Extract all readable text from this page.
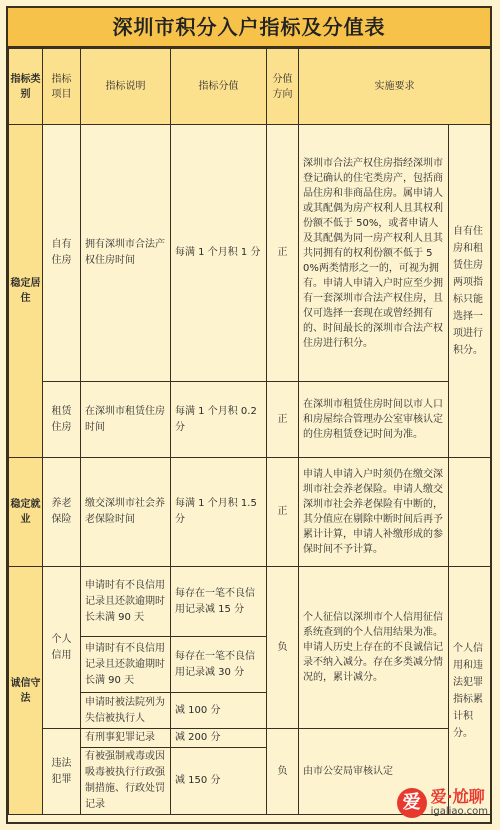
深圳市积分入户指标及分值表
指标类别	指标项目	指标说明	指标分值	分值方向	实施要求	
稳定居住	自有住房	拥有深圳市合法产权住房时间	每满 1 个月积 1 分	正	深圳市合法产权住房指经深圳市登记确认的住宅类房产，包括商品住房和非商品住房。属申请人或其配偶为房产权利人且其权利份额不低于 50%，或者申请人及其配偶为同一房产权利人且其共同拥有的权利份额不低于 50%两类情形之一的，可视为拥有。申请人申请入户时应至少拥有一套深圳市合法产权住房，且仅可选择一套现在或曾经拥有的、时间最长的深圳市合法产权住房进行积分。	自有住房和租赁住房两项指标只能选择一项进行积分。
	租赁住房	在深圳市租赁住房时间	每满 1 个月积 0.2 分	正	在深圳市租赁住房时间以市人口和房屋综合管理办公室审核认定的住房租赁登记时间为准。	
稳定就业	养老保险	缴交深圳市社会养老保险时间	每满 1 个月积 1.5 分	正	申请人申请入户时须仍在缴交深圳市社会养老保险。申请人缴交深圳市社会养老保险有中断的，其分值应在剔除中断时间后再予累计计算，申请人补缴形成的参保时间不予计算。	
诚信守法	个人信用	申请时有不良信用记录且还款逾期时长未满 90 天	每存在一笔不良信用记录减 15 分	负	个人征信以深圳市个人信用征信系统查到的个人信用结果为准。申请人历史上存在的不良诚信记录不纳入减分。存在多类减分情况的，累计减分。	个人信用和违法犯罪指标累计积分。
		申请时有不良信用记录且还款逾期时长满 90 天	每存在一笔不良信用记录减 30 分			
		申请时被法院列为失信被执行人	减 100 分			
	违法犯罪	有刑事犯罪记录	减 200 分	负	由市公安局审核认定	
		有被强制戒毒或因吸毒被执行行政强制措施、行政处罚记录	减 150 分			
爱 爱·尬聊
igaliao.com
